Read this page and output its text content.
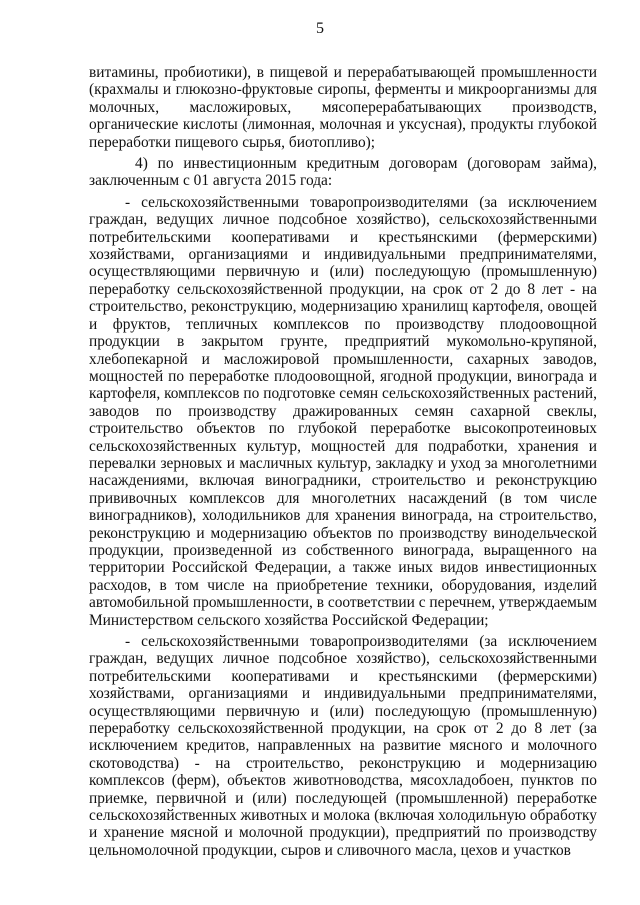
5

витамины, пробиотики), в пищевой и перерабатывающей промышленности (крахмалы и глюкозно-фруктовые сиропы, ферменты и микроорганизмы для молочных, масложировых, мясоперерабатывающих производств, органические кислоты (лимонная, молочная и уксусная), продукты глубокой переработки пищевого сырья, биотопливо);

4) по инвестиционным кредитным договорам (договорам займа), заключенным с 01 августа 2015 года:

- сельскохозяйственными товаропроизводителями (за исключением граждан, ведущих личное подсобное хозяйство), сельскохозяйственными потребительскими кооперативами и крестьянскими (фермерскими) хозяйствами, организациями и индивидуальными предпринимателями, осуществляющими первичную и (или) последующую (промышленную) переработку сельскохозяйственной продукции, на срок от 2 до 8 лет - на строительство, реконструкцию, модернизацию хранилищ картофеля, овощей и фруктов, тепличных комплексов по производству плодоовощной продукции в закрытом грунте, предприятий мукомольно-крупяной, хлебопекарной и масложировой промышленности, сахарных заводов, мощностей по переработке плодоовощной, ягодной продукции, винограда и картофеля, комплексов по подготовке семян сельскохозяйственных растений, заводов по производству дражированных семян сахарной свеклы, строительство объектов по глубокой переработке высокопротеиновых сельскохозяйственных культур, мощностей для подработки, хранения и перевалки зерновых и масличных культур, закладку и уход за многолетними насаждениями, включая виноградники, строительство и реконструкцию прививочных комплексов для многолетних насаждений (в том числе виноградников), холодильников для хранения винограда, на строительство, реконструкцию и модернизацию объектов по производству винодельческой продукции, произведенной из собственного винограда, выращенного на территории Российской Федерации, а также иных видов инвестиционных расходов, в том числе на приобретение техники, оборудования, изделий автомобильной промышленности, в соответствии с перечнем, утверждаемым Министерством сельского хозяйства Российской Федерации;

- сельскохозяйственными товаропроизводителями (за исключением граждан, ведущих личное подсобное хозяйство), сельскохозяйственными потребительскими кооперативами и крестьянскими (фермерскими) хозяйствами, организациями и индивидуальными предпринимателями, осуществляющими первичную и (или) последующую (промышленную) переработку сельскохозяйственной продукции, на срок от 2 до 8 лет (за исключением кредитов, направленных на развитие мясного и молочного скотоводства) - на строительство, реконструкцию и модернизацию комплексов (ферм), объектов животноводства, мясохладобоен, пунктов по приемке, первичной и (или) последующей (промышленной) переработке сельскохозяйственных животных и молока (включая холодильную обработку и хранение мясной и молочной продукции), предприятий по производству цельномолочной продукции, сыров и сливочного масла, цехов и участков
